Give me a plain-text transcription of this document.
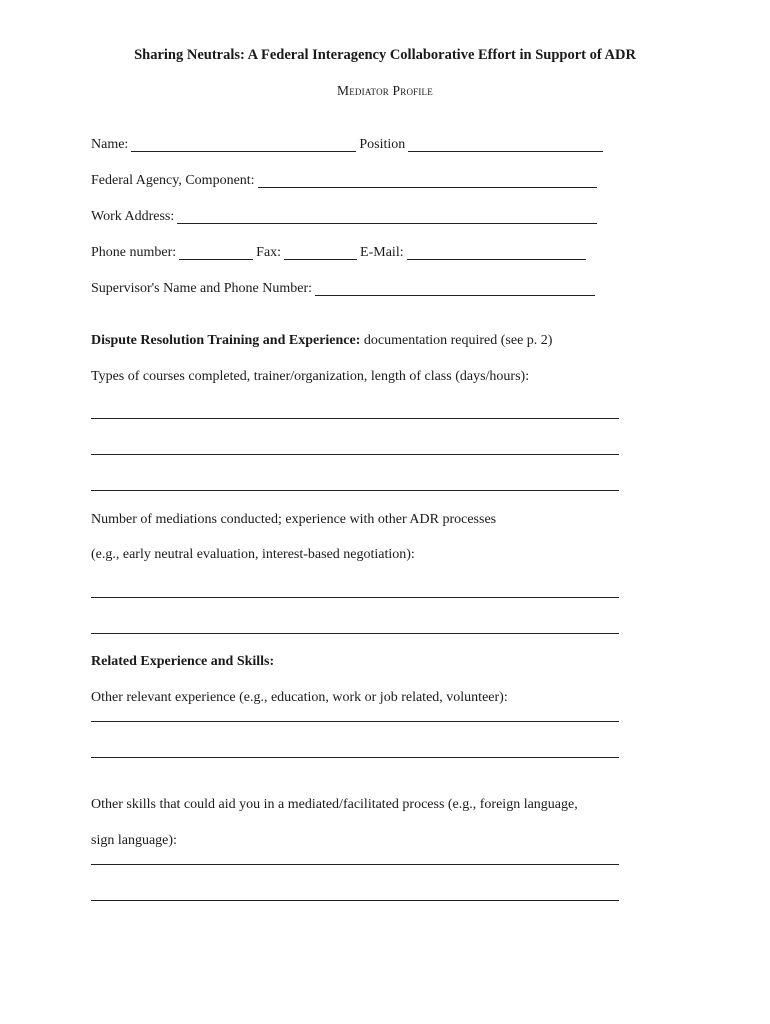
Sharing Neutrals: A Federal Interagency Collaborative Effort in Support of ADR
Mediator Profile
Name:	Position
Federal Agency, Component:
Work Address:
Phone number:	Fax:	E-Mail:
Supervisor's Name and Phone Number:
Dispute Resolution Training and Experience: documentation required (see p. 2)
Types of courses completed, trainer/organization, length of class (days/hours):
Number of mediations conducted; experience with other ADR processes
(e.g., early neutral evaluation, interest-based negotiation):
Related Experience and Skills:
Other relevant experience (e.g., education, work or job related, volunteer):
Other skills that could aid you in a mediated/facilitated process (e.g., foreign language,
sign language):
